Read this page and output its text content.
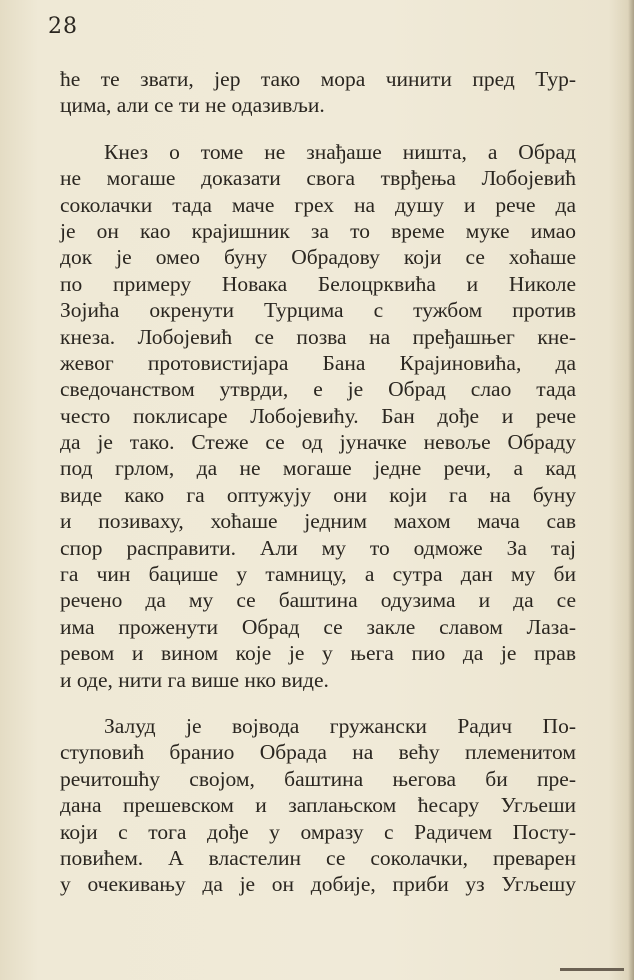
28
ће те звати, јер тако мора чинити пред Тур-
цима, али се ти не одазивљи.
Кнез о томе не знађаше ништа, а Обрад
не могаше доказати свога тврђења Лобојевић
соколачки тада маче грех на душу и рече да
је он као крајишник за то време муке имао
док је омео буну Обрадову који се хоћаше
по примеру Новака Белоцрквића и Николе
Зојића окренути Турцима с тужбом против
кнеза. Лобојевић се позва на пређашњег кне-
жевог протовистијара Бана Крајиновића, да
сведочанством утврди, е је Обрад слао тада
често поклисаре Лобојевићу. Бан дође и рече
да је тако. Стеже се од јуначке невоље Обраду
под грлом, да не могаше једне речи, а кад
виде како га оптужују они који га на буну
и позиваху, хоћаше једним махом мача сав
спор расправити. Али му то одможе За тај
га чин бацише у тамницу, а сутра дан му би
речено да му се баштина одузима и да се
има проженути Обрад се закле славом Лаза-
ревом и вином које је у њега пио да је прав
и оде, нити га више нко виде.
Залуд је војвода гружански Радич По-
ступовић бранио Обрада на већу племенитом
речитошћу својом, баштина његова би пре-
дана прешевском и заплањском ћесару Угљеши
који с тога дође у омразу с Радичем Посту-
повићем. А властелин се соколачки, преварен
у очекивању да је он добије, приби уз Угљешу
